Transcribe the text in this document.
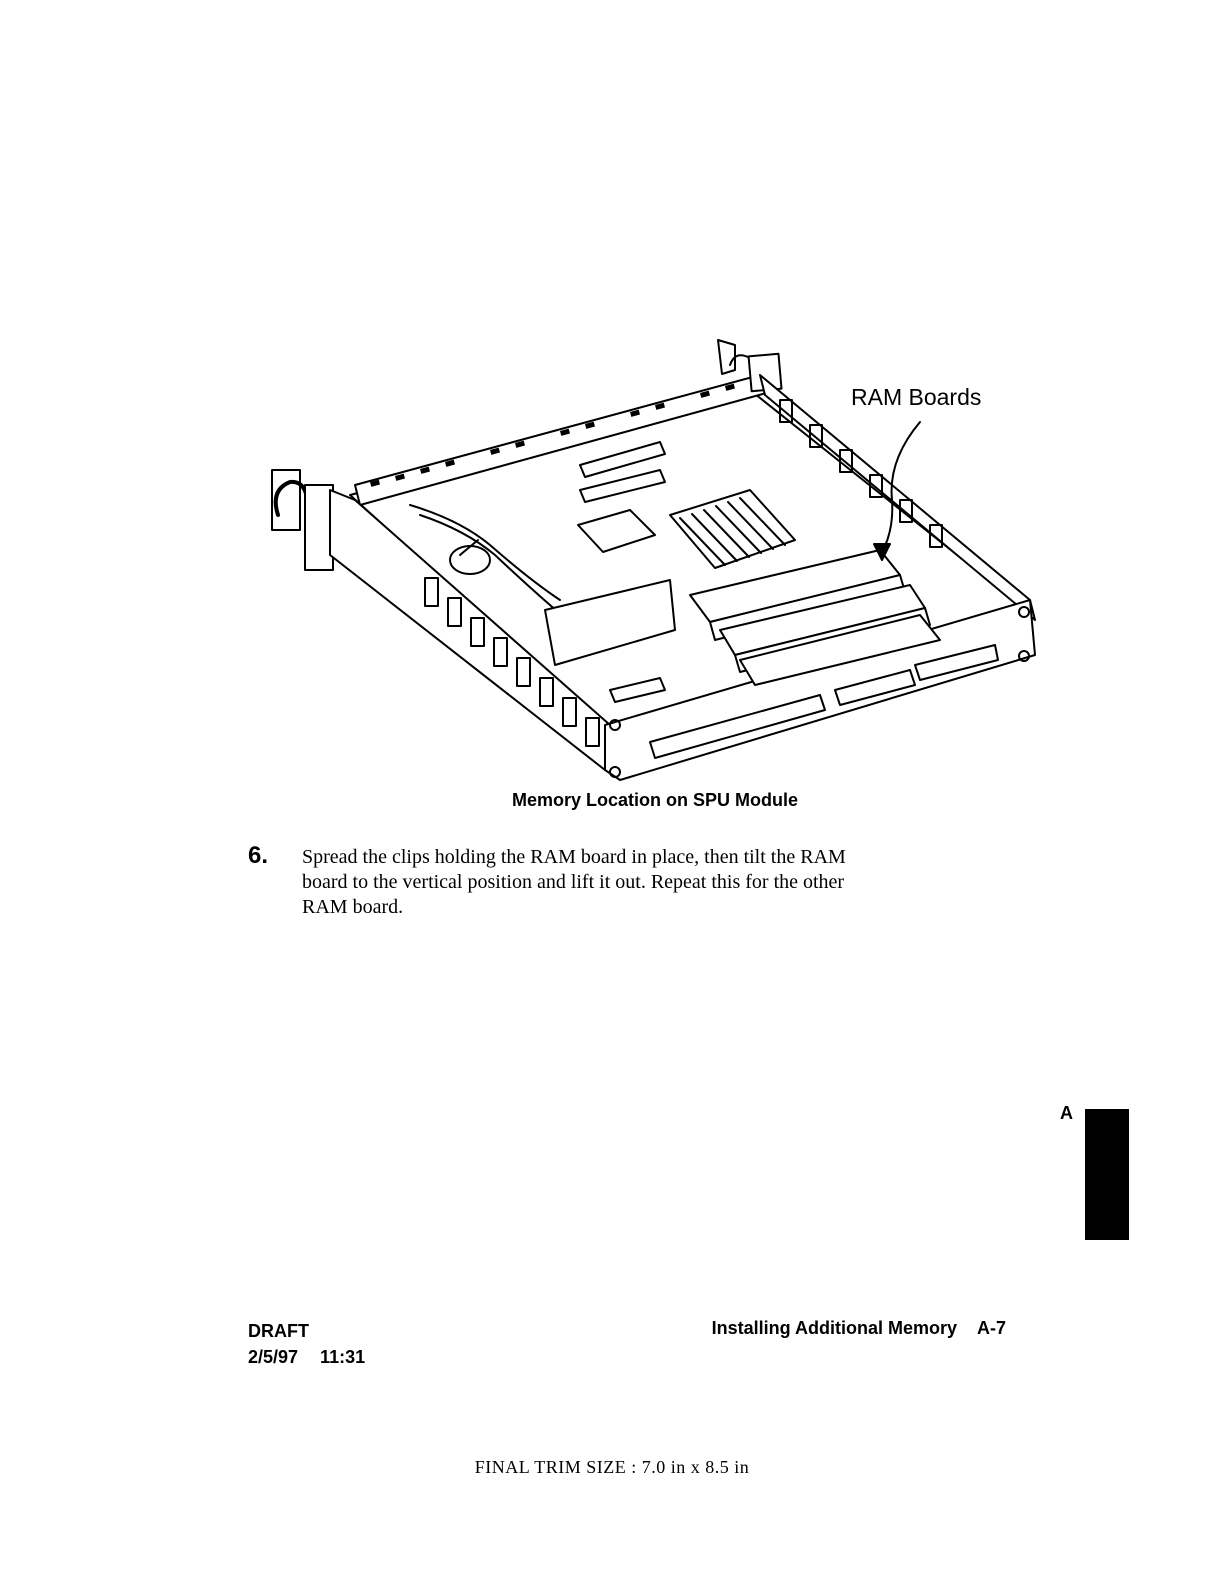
RAM Boards
Memory Location on SPU Module
6. Spread the clips holding the RAM board in place, then tilt the RAM
board to the vertical position and lift it out. Repeat this for the other
RAM board.
A
DRAFT
2/5/97 11:31
Installing Additional Memory A-7
FINAL TRIM SIZE : 7.0 in x 8.5 in
